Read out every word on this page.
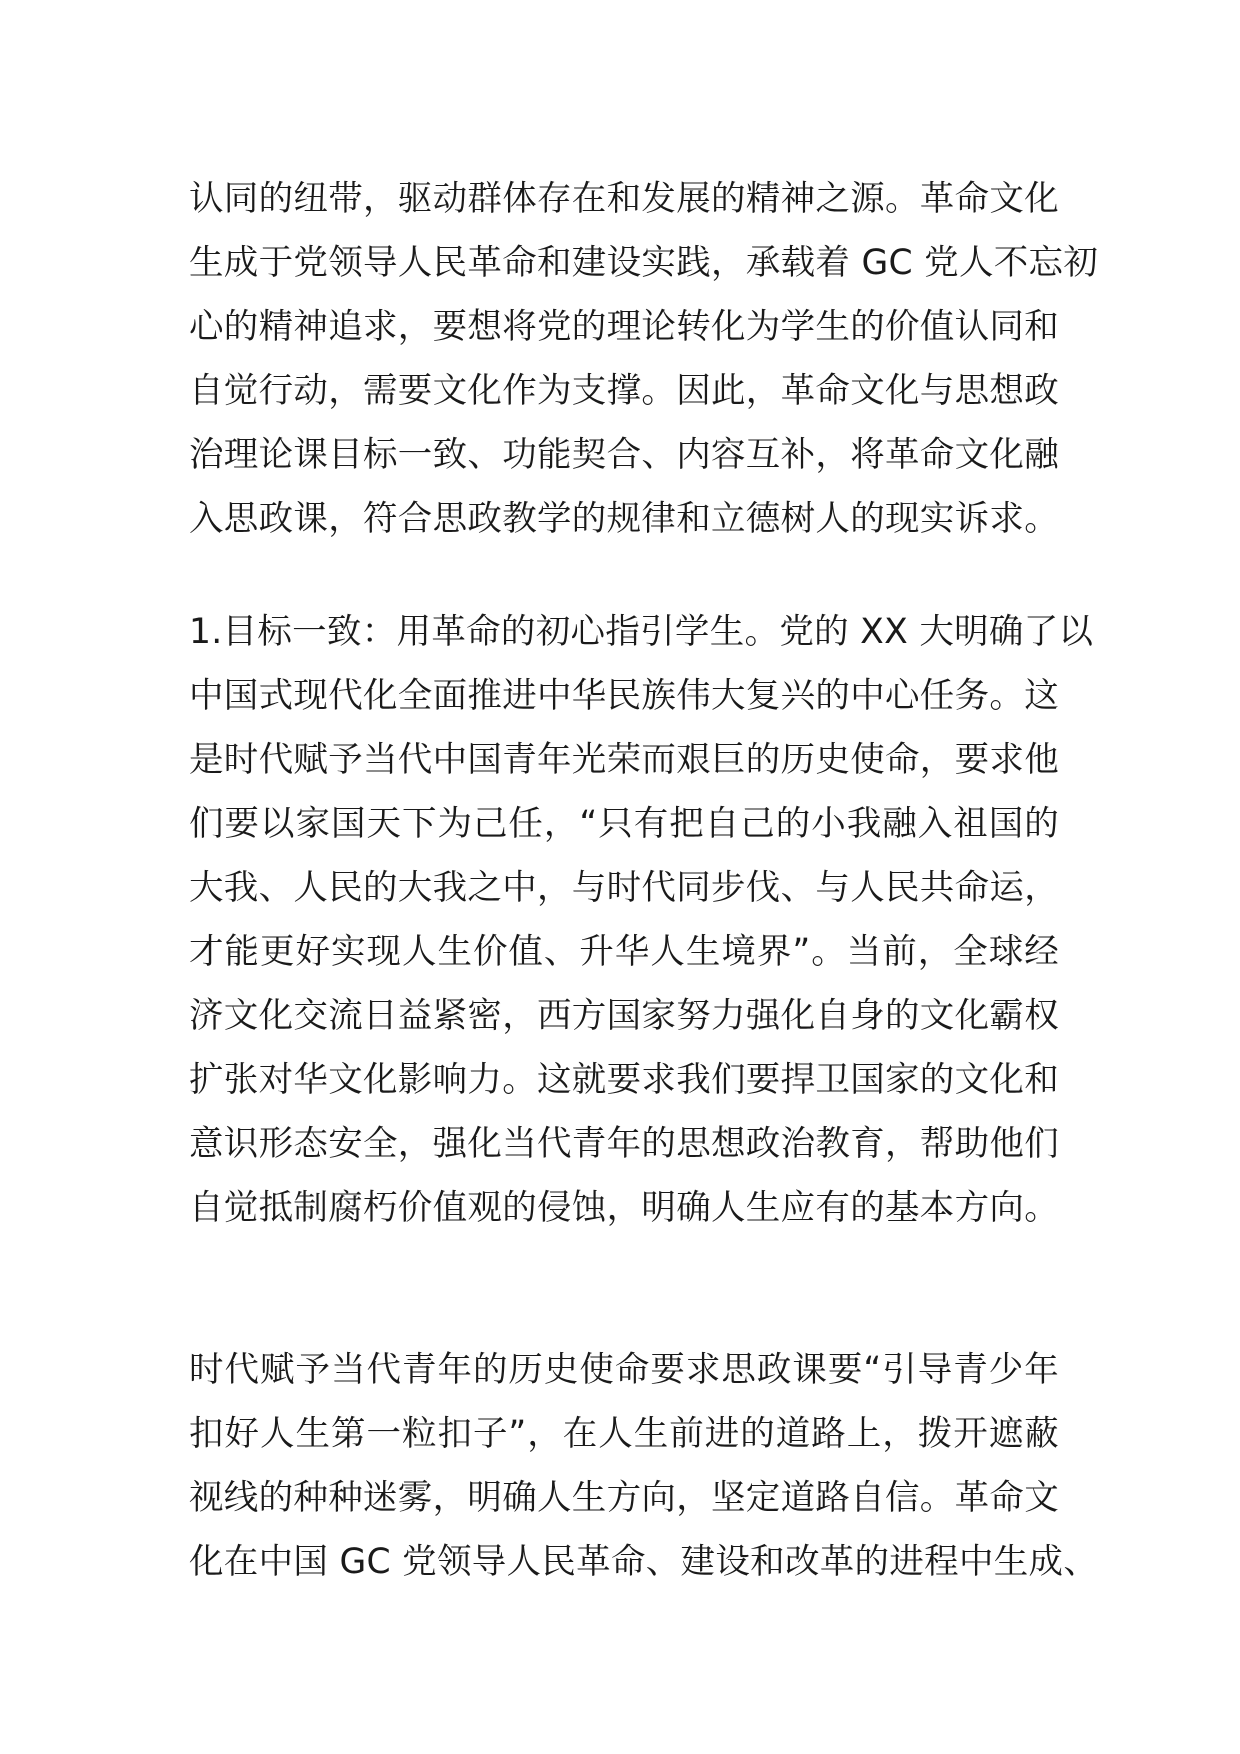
认同的纽带，驱动群体存在和发展的精神之源。革命文化
生成于党领导人民革命和建设实践，承载着 GC 党人不忘初
心的精神追求，要想将党的理论转化为学生的价值认同和
自觉行动，需要文化作为支撑。因此，革命文化与思想政
治理论课目标一致、功能契合、内容互补，将革命文化融
入思政课，符合思政教学的规律和立德树人的现实诉求。
1.目标一致：用革命的初心指引学生。党的 XX 大明确了以
中国式现代化全面推进中华民族伟大复兴的中心任务。这
是时代赋予当代中国青年光荣而艰巨的历史使命，要求他
们要以家国天下为己任，“只有把自己的小我融入祖国的
大我、人民的大我之中，与时代同步伐、与人民共命运，
才能更好实现人生价值、升华人生境界”。当前，全球经
济文化交流日益紧密，西方国家努力强化自身的文化霸权
扩张对华文化影响力。这就要求我们要捍卫国家的文化和
意识形态安全，强化当代青年的思想政治教育，帮助他们
自觉抵制腐朽价值观的侵蚀，明确人生应有的基本方向。
时代赋予当代青年的历史使命要求思政课要“引导青少年
扣好人生第一粒扣子”，在人生前进的道路上，拨开遮蔽
视线的种种迷雾，明确人生方向，坚定道路自信。革命文
化在中国 GC 党领导人民革命、建设和改革的进程中生成、
